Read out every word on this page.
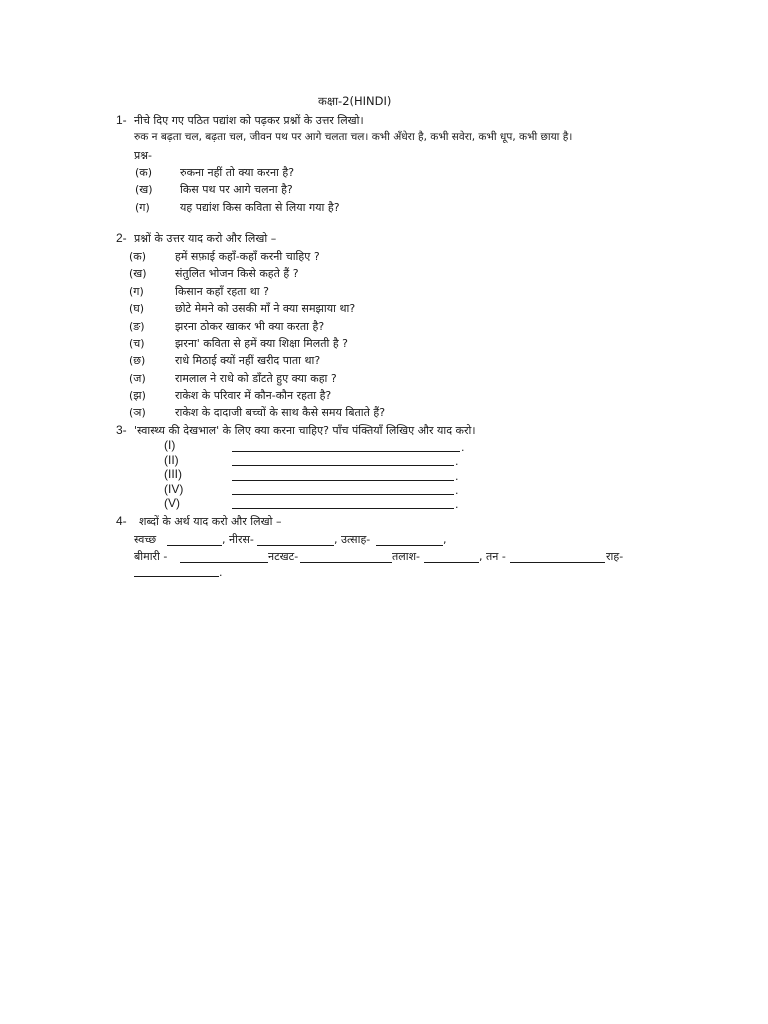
कक्षा-2(HINDI)
1- नीचे दिए गए पठित पद्यांश को पढ़कर प्रश्नों के उत्तर लिखो।
रुक न बढ़ता चल, बढ़ता चल, जीवन पथ पर आगे चलता चल। कभी अँधेरा है, कभी सवेरा, कभी धूप, कभी छाया है।
प्रश्न-
(क)	रुकना नहीं तो क्या करना है?
(ख) किस पथ पर आगे चलना है?
(ग)	यह पद्यांश किस कविता से लिया गया है?
2- प्रश्नों के उत्तर याद करो और लिखो –
(क)	हमें सफ़ाई कहाँ-कहाँ करनी चाहिए ?
(ख)	संतुलित भोजन किसे कहते हैं ?
(ग)	किसान कहाँ रहता था ?
(घ)	छोटे मेमने को उसकी माँ ने क्या समझाया था?
(ङ)	झरना ठोकर खाकर भी क्या करता है?
(च)	झरना' कविता से हमें क्या शिक्षा मिलती है ?
(छ)	राधे मिठाई क्यों नहीं खरीद पाता था?
(ज)	रामलाल ने राधे को डाँटते हुए क्या कहा ?
(झ)	राकेश के परिवार में कौन-कौन रहता है?
(ञ)	राकेश के दादाजी बच्चों के साथ कैसे समय बिताते हैं?
3- 'स्वास्थ्य की देखभाल' के लिए क्या करना चाहिए? पाँच पंक्तियाँ लिखिए और याद करो।
(I)	.
(II)	.
(III)	.
(IV)	.
(V)	.
4- शब्दों के अर्थ याद करो और लिखो –
स्वच्छ	, नीरस-	, उत्साह-	,
बीमारी -	नटखट-	तलाश-	, तन -	राह-
.
